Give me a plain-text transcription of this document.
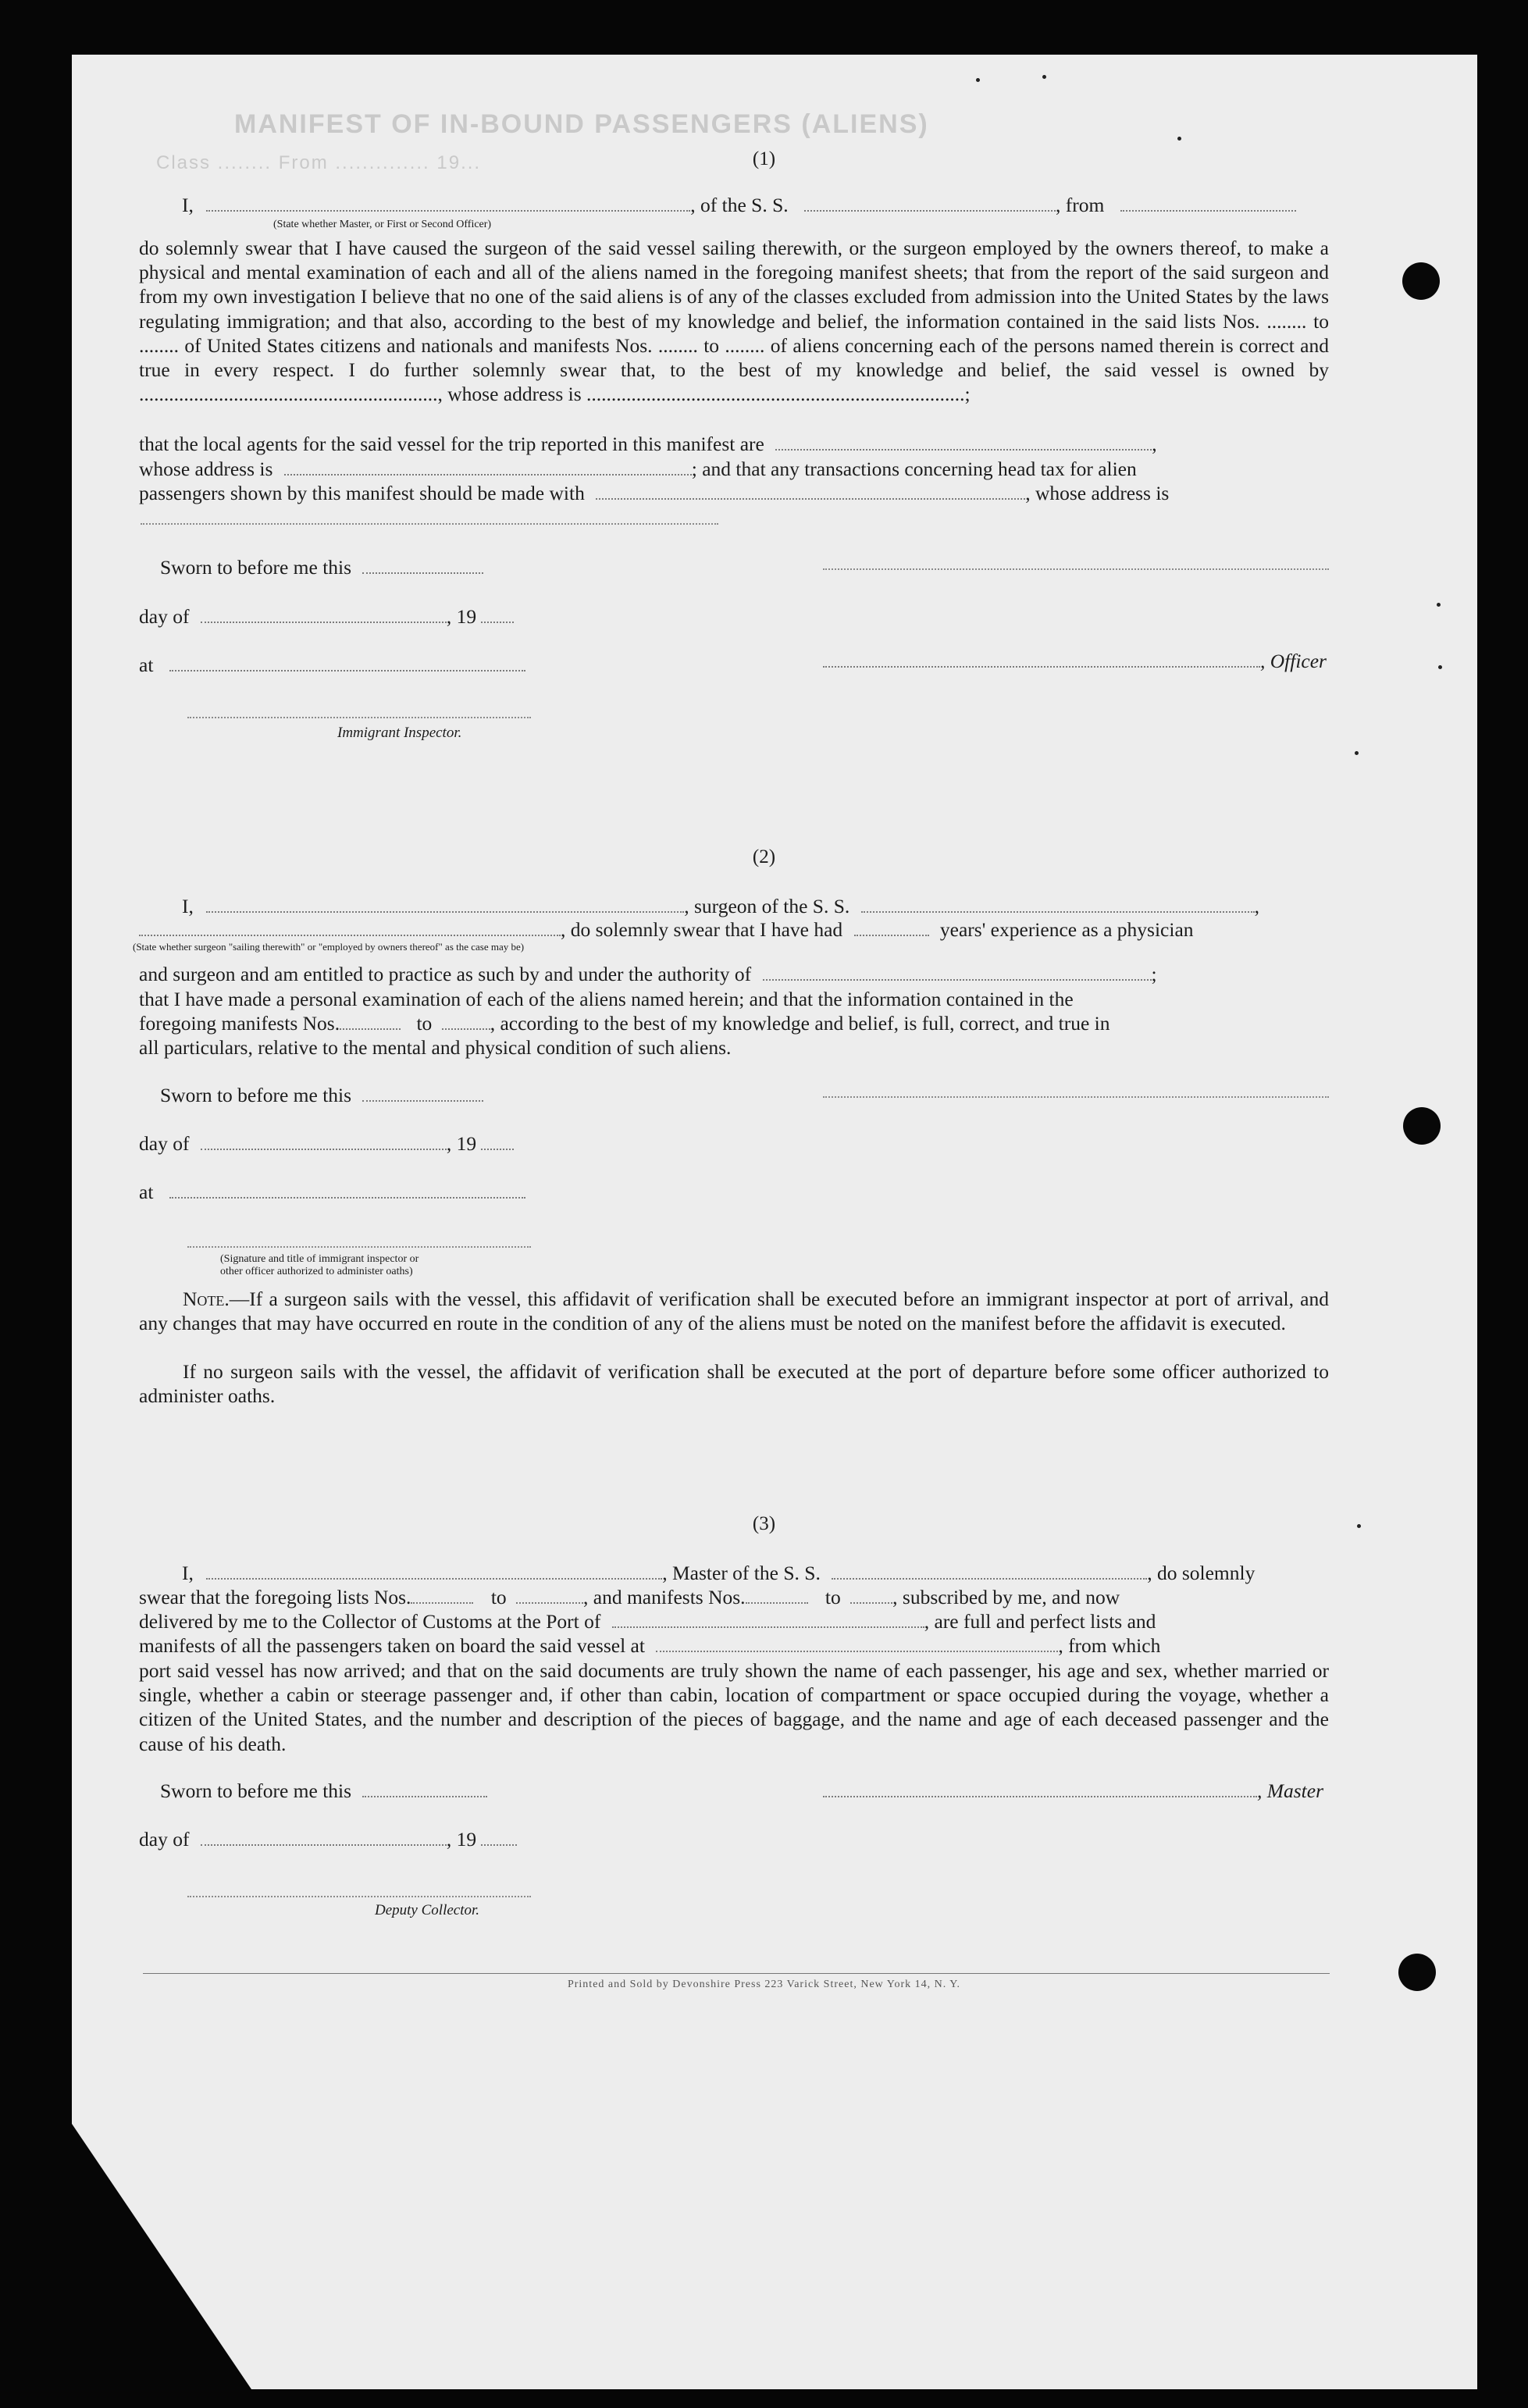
MANIFEST OF IN-BOUND PASSENGERS (ALIENS)
Class ........ From .............. 19...	(1)
I,	, of the S. S.	, from
(State whether Master, or First or Second Officer)
do solemnly swear that I have caused the surgeon of the said vessel sailing therewith, or the surgeon employed by the owners thereof, to make a physical and mental examination of each and all of the aliens named in the foregoing manifest sheets; that from the report of the said surgeon and from my own investigation I believe that no one of the said aliens is of any of the classes excluded from admission into the United States by the laws regulating immigration; and that also, according to the best of my knowledge and belief, the information contained in the said lists Nos. ........ to ........ of United States citizens and nationals and manifests Nos. ........ to ........ of aliens concerning each of the persons named therein is correct and true in every respect. I do further solemnly swear that, to the best of my knowledge and belief, the said vessel is owned by ............................................................, whose address is ............................................................................;
that the local agents for the said vessel for the trip reported in this manifest are	,
whose address is	; and that any transactions concerning head tax for alien
passengers shown by this manifest should be made with	, whose address is
Sworn to before me this
day of	, 19
at	, Officer
Immigrant Inspector.
(2)
I,	, surgeon of the S. S.	,
, do solemnly swear that I have had	years' experience as a physician
(State whether surgeon "sailing therewith" or "employed by owners thereof" as the case may be)
and surgeon and am entitled to practice as such by and under the authority of	;
that I have made a personal examination of each of the aliens named herein; and that the information contained in the
foregoing manifests Nos.	to	, according to the best of my knowledge and belief, is full, correct, and true in
all particulars, relative to the mental and physical condition of such aliens.
Sworn to before me this
day of	, 19
at
(Signature and title of immigrant inspector or
other officer authorized to administer oaths)
Note.—If a surgeon sails with the vessel, this affidavit of verification shall be executed before an immigrant inspector at port of arrival, and any changes that may have occurred en route in the condition of any of the aliens must be noted on the manifest before the affidavit is executed.
If no surgeon sails with the vessel, the affidavit of verification shall be executed at the port of departure before some officer authorized to administer oaths.
(3)
I,	, Master of the S. S.	, do solemnly
swear that the foregoing lists Nos.	to	, and manifests Nos.	to	, subscribed by me, and now
delivered by me to the Collector of Customs at the Port of	, are full and perfect lists and
manifests of all the passengers taken on board the said vessel at	, from which
port said vessel has now arrived; and that on the said documents are truly shown the name of each passenger, his age and sex, whether married or single, whether a cabin or steerage passenger and, if other than cabin, location of compartment or space occupied during the voyage, whether a citizen of the United States, and the number and description of the pieces of baggage, and the name and age of each deceased passenger and the cause of his death.
Sworn to before me this	, Master
day of	, 19
Deputy Collector.
Printed and Sold by Devonshire Press 223 Varick Street, New York 14, N. Y.
